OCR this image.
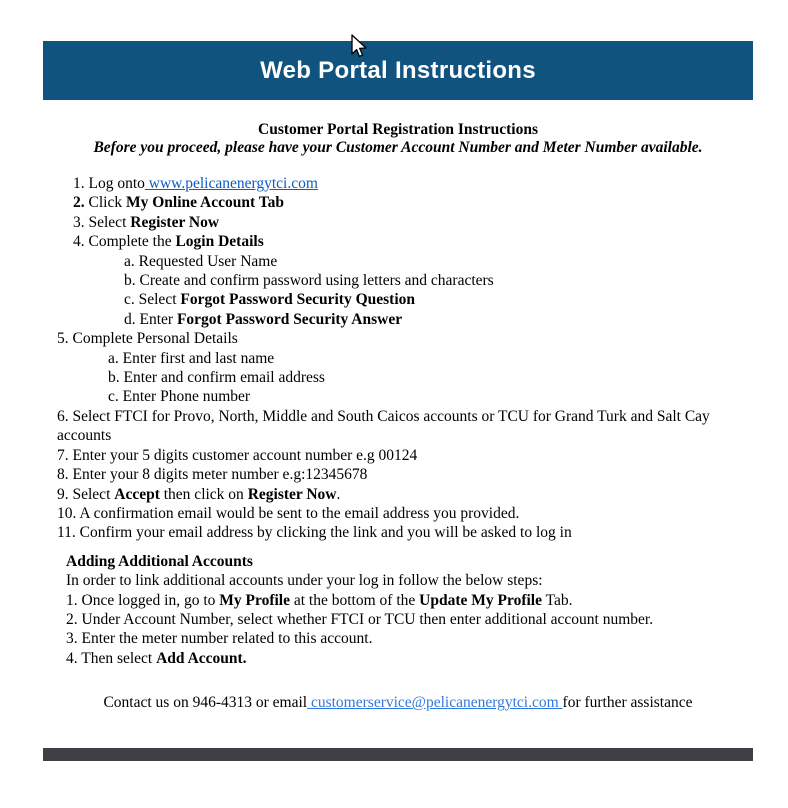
Web Portal Instructions
Customer Portal Registration Instructions
Before you proceed, please have your Customer Account Number and Meter Number available.
1. Log onto www.pelicanenergytci.com
2. Click My Online Account Tab
3. Select Register Now
4. Complete the Login Details
a. Requested User Name
b. Create and confirm password using letters and characters
c. Select Forgot Password Security Question
d. Enter Forgot Password Security Answer
5. Complete Personal Details
a. Enter first and last name
b. Enter and confirm email address
c. Enter Phone number
6. Select FTCI for Provo, North, Middle and South Caicos accounts or TCU for Grand Turk and Salt Cay accounts
7. Enter your 5 digits customer account number e.g 00124
8. Enter your 8 digits meter number e.g:12345678
9. Select Accept then click on Register Now.
10. A confirmation email would be sent to the email address you provided.
11. Confirm your email address by clicking the link and you will be asked to log in
Adding Additional Accounts
In order to link additional accounts under your log in follow the below steps:
1. Once logged in, go to My Profile at the bottom of the Update My Profile Tab.
2. Under Account Number, select whether FTCI or TCU then enter additional account number.
3. Enter the meter number related to this account.
4. Then select Add Account.
Contact us on 946-4313 or email customerservice@pelicanenergytci.com for further assistance
